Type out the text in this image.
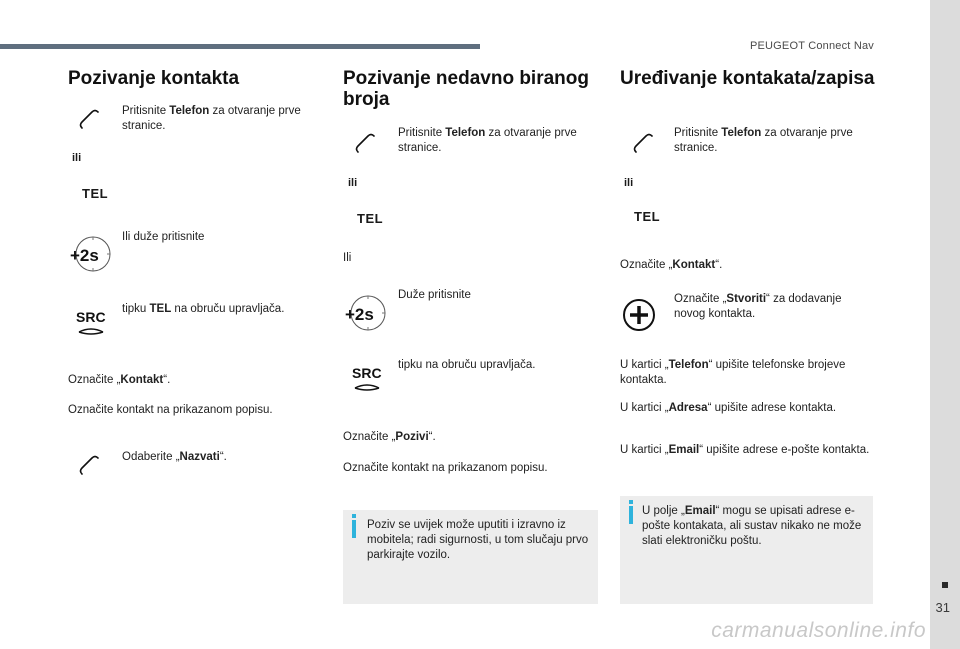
PEUGEOT Connect Nav
31
carmanualsonline.info
Pozivanje kontakta
Pritisnite Telefon za otvaranje prve stranice.
ili
TEL
+2s
Ili duže pritisnite
SRC tipku TEL na obruču upravljača.
Označite „Kontakt“.
Označite kontakt na prikazanom popisu.
Odaberite „Nazvati“.
Pozivanje nedavno biranog
broja
Pritisnite Telefon za otvaranje prve stranice.
ili
TEL
Ili
+2s
Duže pritisnite
SRC tipku na obruču upravljača.
Označite „Pozivi“.
Označite kontakt na prikazanom popisu.
Poziv se uvijek može uputiti i izravno iz mobitela; radi sigurnosti, u tom slučaju prvo parkirajte vozilo.
Uređivanje kontakata/zapisa
Pritisnite Telefon za otvaranje prve stranice.
ili
TEL
Označite „Kontakt“.
Označite „Stvoriti“ za dodavanje novog kontakta.
U kartici „Telefon“ upišite telefonske brojeve kontakta.
U kartici „Adresa“ upišite adrese kontakta.
U kartici „Email“ upišite adrese e-pošte kontakta.
U polje „Email“ mogu se upisati adrese e-pošte kontakata, ali sustav nikako ne može slati elektroničku poštu.
